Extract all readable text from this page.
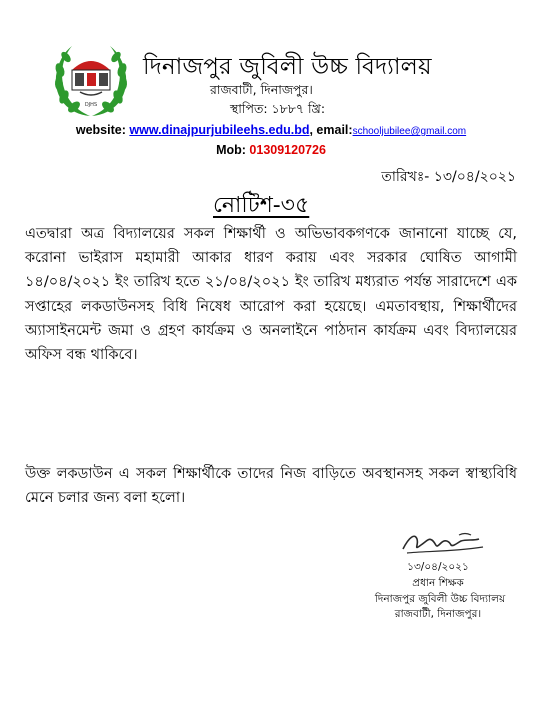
DJHS
দিনাজপুর জুবিলী উচ্চ বিদ্যালয়
রাজবাটী, দিনাজপুর।
স্থাপিত: ১৮৮৭ খ্রি:
website: www.dinajpurjubileehs.edu.bd, email:schooljubilee@gmail.com
Mob: 01309120726
তারিখঃ- ১৩/০৪/২০২১
নোটিশ-৩৫
এতদ্বারা অত্র বিদ্যালয়ের সকল শিক্ষার্থী ও অভিভাবকগণকে জানানো যাচ্ছে যে, করোনা ভাইরাস মহামারী আকার ধারণ করায় এবং সরকার ঘোষিত আগামী ১৪/০৪/২০২১ ইং তারিখ হতে ২১/০৪/২০২১ ইং তারিখ মধ্যরাত পর্যন্ত সারাদেশে এক সপ্তাহের লকডাউনসহ বিধি নিষেধ আরোপ করা হয়েছে। এমতাবস্থায়, শিক্ষার্থীদের অ্যাসাইনমেন্ট জমা ও গ্রহণ কার্যক্রম ও অনলাইনে পাঠদান কার্যক্রম এবং বিদ্যালয়ের অফিস বন্ধ থাকিবে।
উক্ত লকডাউন এ সকল শিক্ষার্থীকে তাদের নিজ বাড়িতে অবস্থানসহ সকল স্বাস্থ্যবিধি মেনে চলার জন্য বলা হলো।
১৩/০৪/২০২১
প্রধান শিক্ষক
দিনাজপুর জুবিলী উচ্চ বিদ্যালয়
রাজবাটী, দিনাজপুর।
